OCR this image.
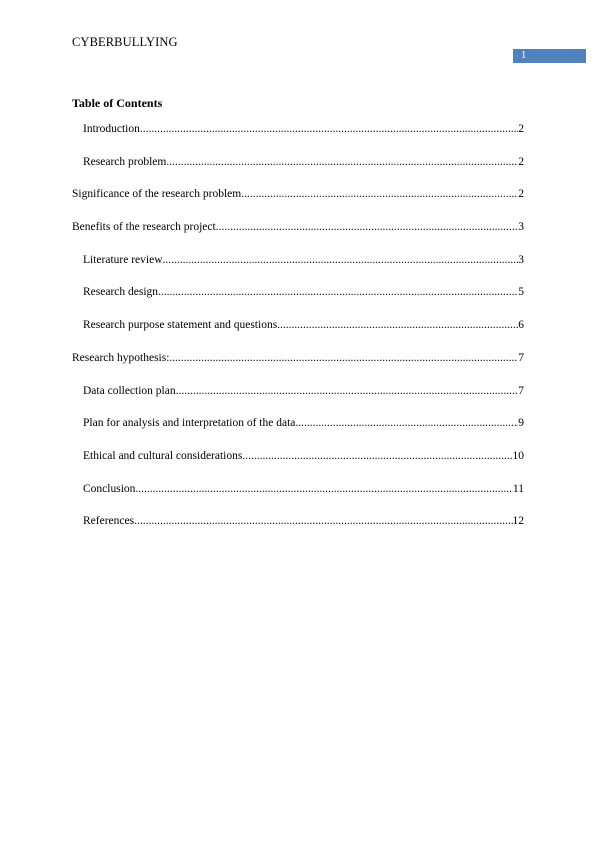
CYBERBULLYING
1
Table of Contents
Introduction .....	2
Research problem .....	2
Significance of the research problem .....	2
Benefits of the research project .....	3
Literature review .....	3
Research design .....	5
Research purpose statement and questions .....	6
Research hypothesis: .....	7
Data collection plan .....	7
Plan for analysis and interpretation of the data .....	9
Ethical and cultural considerations .....	10
Conclusion .....	11
References .....	12
